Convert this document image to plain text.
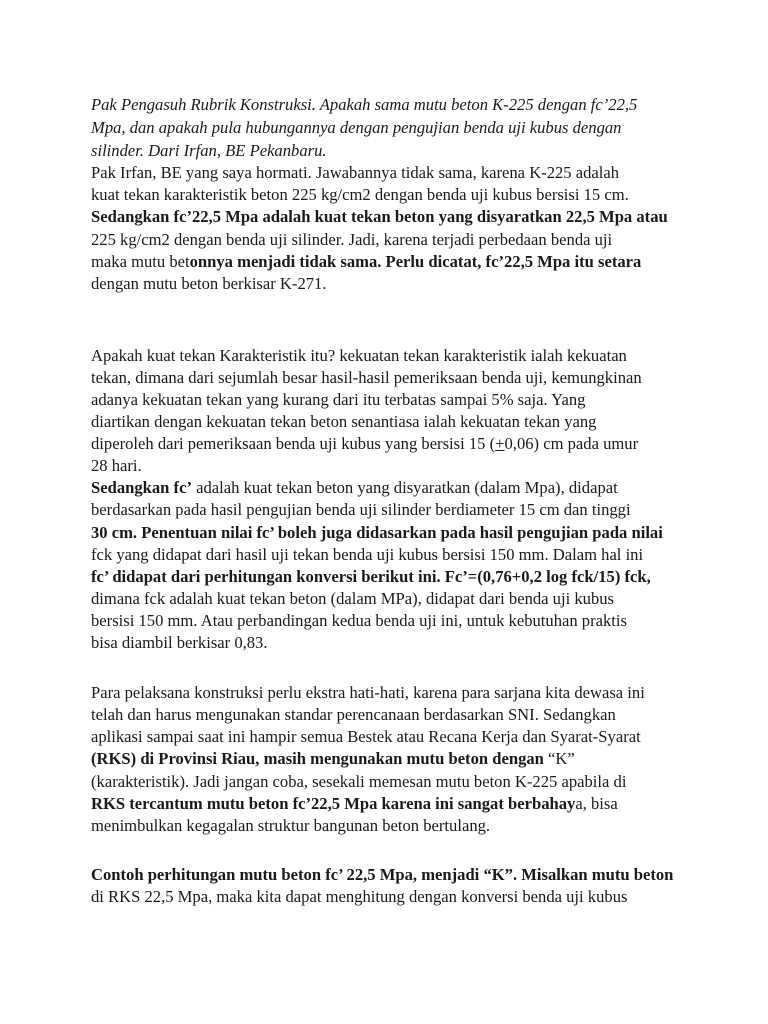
Pak Pengasuh Rubrik Konstruksi. Apakah sama mutu beton K-225 dengan fc’22,5
Mpa, dan apakah pula hubungannya dengan pengujian benda uji kubus dengan
silinder. Dari Irfan, BE Pekanbaru.
Pak Irfan, BE yang saya hormati. Jawabannya tidak sama, karena K-225 adalah
kuat tekan karakteristik beton 225 kg/cm2 dengan benda uji kubus bersisi 15 cm.
Sedangkan fc’22,5 Mpa adalah kuat tekan beton yang disyaratkan 22,5 Mpa atau
225 kg/cm2 dengan benda uji silinder. Jadi, karena terjadi perbedaan benda uji
maka mutu betonnya menjadi tidak sama. Perlu dicatat, fc’22,5 Mpa itu setara
dengan mutu beton berkisar K-271.
Apakah kuat tekan Karakteristik itu? kekuatan tekan karakteristik ialah kekuatan
tekan, dimana dari sejumlah besar hasil-hasil pemeriksaan benda uji, kemungkinan
adanya kekuatan tekan yang kurang dari itu terbatas sampai 5% saja. Yang
diartikan dengan kekuatan tekan beton senantiasa ialah kekuatan tekan yang
diperoleh dari pemeriksaan benda uji kubus yang bersisi 15 (+0,06) cm pada umur
28 hari.
Sedangkan fc’ adalah kuat tekan beton yang disyaratkan (dalam Mpa), didapat
berdasarkan pada hasil pengujian benda uji silinder berdiameter 15 cm dan tinggi
30 cm. Penentuan nilai fc’ boleh juga didasarkan pada hasil pengujian pada nilai
fck yang didapat dari hasil uji tekan benda uji kubus bersisi 150 mm. Dalam hal ini
fc’ didapat dari perhitungan konversi berikut ini. Fc’=(0,76+0,2 log fck/15) fck,
dimana fck adalah kuat tekan beton (dalam MPa), didapat dari benda uji kubus
bersisi 150 mm. Atau perbandingan kedua benda uji ini, untuk kebutuhan praktis
bisa diambil berkisar 0,83.
Para pelaksana konstruksi perlu ekstra hati-hati, karena para sarjana kita dewasa ini
telah dan harus mengunakan standar perencanaan berdasarkan SNI. Sedangkan
aplikasi sampai saat ini hampir semua Bestek atau Recana Kerja dan Syarat-Syarat
(RKS) di Provinsi Riau, masih mengunakan mutu beton dengan “K”
(karakteristik). Jadi jangan coba, sesekali memesan mutu beton K-225 apabila di
RKS tercantum mutu beton fc’22,5 Mpa karena ini sangat berbahaya, bisa
menimbulkan kegagalan struktur bangunan beton bertulang.
Contoh perhitungan mutu beton fc’ 22,5 Mpa, menjadi “K”. Misalkan mutu beton
di RKS 22,5 Mpa, maka kita dapat menghitung dengan konversi benda uji kubus
